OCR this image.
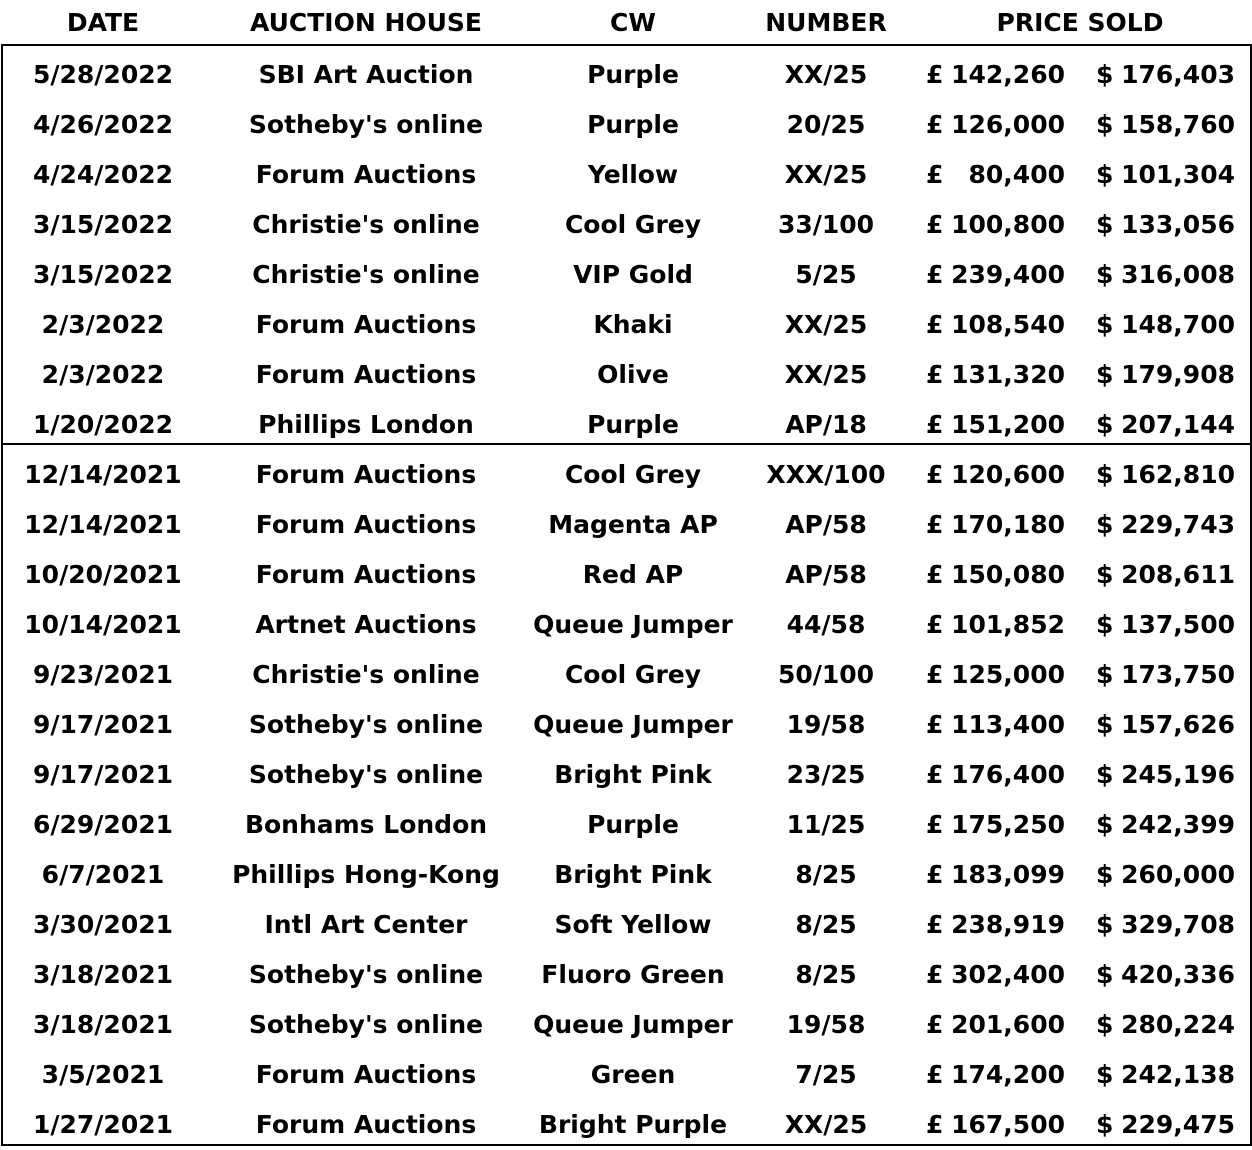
DATE	AUCTION HOUSE	CW	NUMBER	PRICE SOLD
5/28/2022	SBI Art Auction	Purple	XX/25	£ 142,260 $ 176,403
4/26/2022	Sotheby's online	Purple	20/25	£ 126,000 $ 158,760
4/24/2022	Forum Auctions	Yellow	XX/25	£	80,400 $ 101,304
3/15/2022	Christie's online	Cool Grey	33/100	£ 100,800 $ 133,056
3/15/2022	Christie's online	VIP Gold	5/25	£ 239,400 $ 316,008
2/3/2022	Forum Auctions	Khaki	XX/25	£ 108,540 $ 148,700
2/3/2022	Forum Auctions	Olive	XX/25	£ 131,320 $ 179,908
1/20/2022	Phillips London	Purple	AP/18	£ 151,200 $ 207,144
12/14/2021	Forum Auctions	Cool Grey	XXX/100	£ 120,600 $ 162,810
12/14/2021	Forum Auctions	Magenta AP	AP/58	£ 170,180 $ 229,743
10/20/2021	Forum Auctions	Red AP	AP/58	£ 150,080 $ 208,611
10/14/2021	Artnet Auctions	Queue Jumper	44/58	£ 101,852 $ 137,500
9/23/2021	Christie's online	Cool Grey	50/100	£ 125,000 $ 173,750
9/17/2021	Sotheby's online	Queue Jumper	19/58	£ 113,400 $ 157,626
9/17/2021	Sotheby's online	Bright Pink	23/25	£ 176,400 $ 245,196
6/29/2021	Bonhams London	Purple	11/25	£ 175,250 $ 242,399
6/7/2021	Phillips Hong-Kong	Bright Pink	8/25	£ 183,099 $ 260,000
3/30/2021	Intl Art Center	Soft Yellow	8/25	£ 238,919 $ 329,708
3/18/2021	Sotheby's online	Fluoro Green	8/25	£ 302,400 $ 420,336
3/18/2021	Sotheby's online	Queue Jumper	19/58	£ 201,600 $ 280,224
3/5/2021	Forum Auctions	Green	7/25	£ 174,200 $ 242,138
1/27/2021	Forum Auctions	Bright Purple	XX/25	£ 167,500 $ 229,475
